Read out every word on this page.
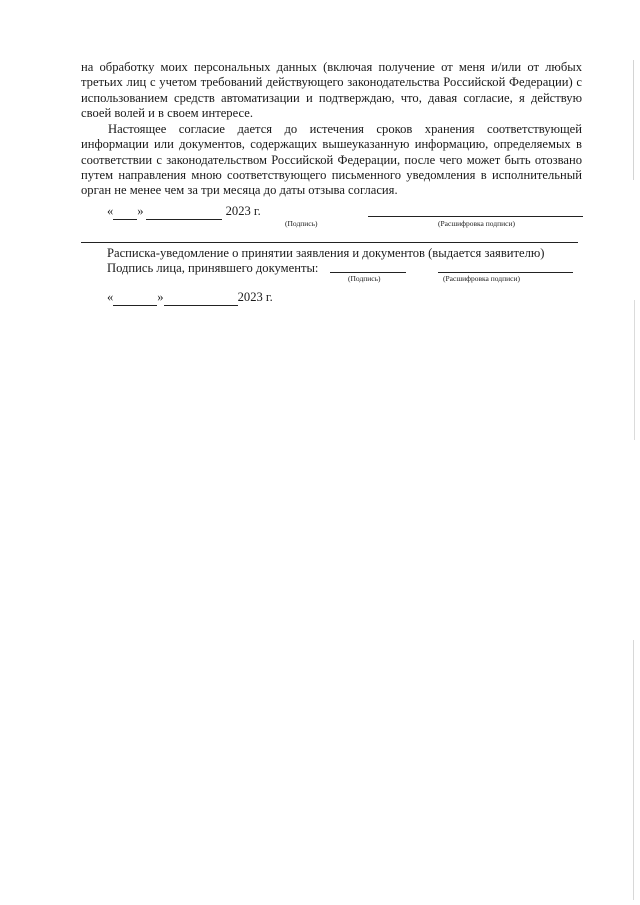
на обработку моих персональных данных (включая получение от меня и/или от любых третьих лиц с учетом требований действующего законодательства Российской Федерации) с использованием средств автоматизации и подтверждаю, что, давая согласие, я действую своей волей и в своем интересе.

Настоящее согласие дается до истечения сроков хранения соответствующей информации или документов, содержащих вышеуказанную информацию, определяемых в соответствии с законодательством Российской Федерации, после чего может быть отозвано путем направления мною соответствующего письменного уведомления в исполнительный орган не менее чем за три месяца до даты отзыва согласия.

« »	2023 г.
(Подпись)	(Расшифровка подписи)
Расписка-уведомление о принятии заявления и документов (выдается заявителю)
Подпись лица, принявшего документы:
(Подпись)	(Расшифровка подписи)
«	»	2023 г.
